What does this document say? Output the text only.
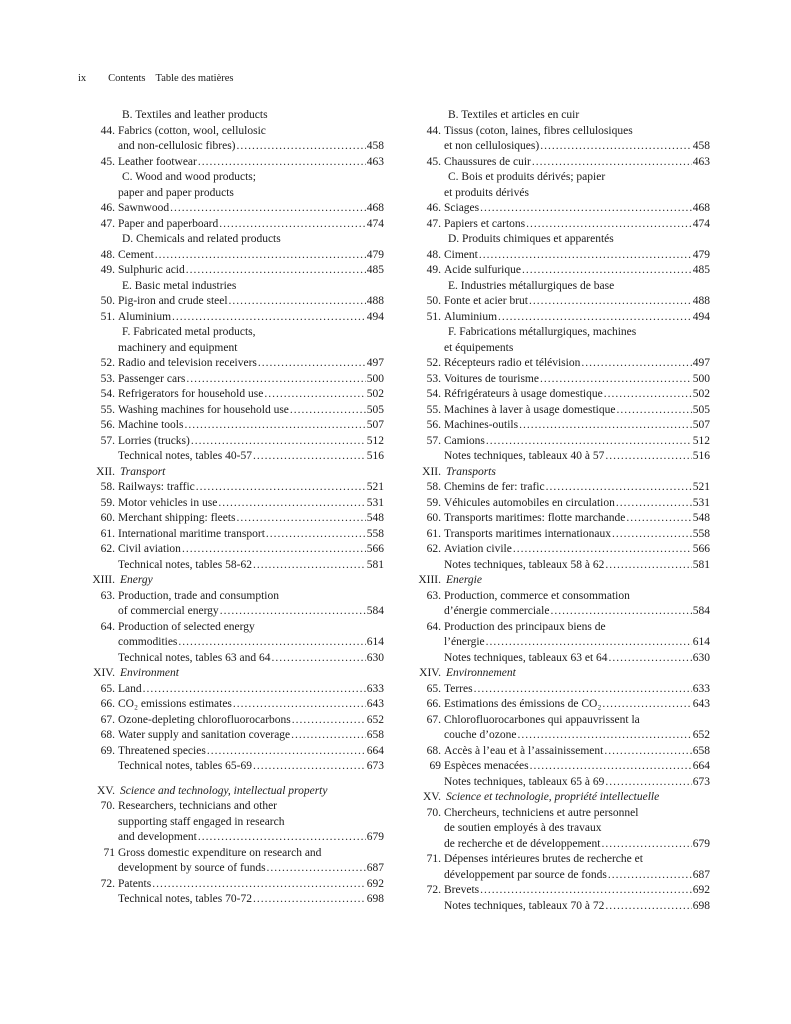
ix Contents Table des matières
B. Textiles and leather products
44. Fabrics (cotton, wool, cellulosic
and non-cellulosic fibres) .....	458
45. Leather footwear .....	463
C. Wood and wood products;
paper and paper products
46. Sawnwood .....	468
47. Paper and paperboard .....	474
D. Chemicals and related products
48. Cement .....	479
49. Sulphuric acid .....	485
E. Basic metal industries
50. Pig-iron and crude steel .....	488
51. Aluminium .....	494
F. Fabricated metal products,
machinery and equipment
52. Radio and television receivers .....	497
53. Passenger cars .....	500
54. Refrigerators for household use .....	502
55. Washing machines for household use .....	505
56. Machine tools .....	507
57. Lorries (trucks) .....	512
Technical notes, tables 40-57 .....	516
XII. Transport
58. Railways: traffic .....	521
59. Motor vehicles in use .....	531
60. Merchant shipping: fleets .....	548
61. International maritime transport .....	558
62. Civil aviation .....	566
Technical notes, tables 58-62 .....	581
XIII. Energy
63. Production, trade and consumption
of commercial energy .....	584
64. Production of selected energy
commodities .....	614
Technical notes, tables 63 and 64 .....	630
XIV. Environment
65. Land .....	633
66. CO₂ emissions estimates .....	643
67. Ozone-depleting chlorofluorocarbons .....	652
68. Water supply and sanitation coverage .....	658
69. Threatened species .....	664
Technical notes, tables 65-69 .....	673
XV. Science and technology, intellectual property
70. Researchers, technicians and other
supporting staff engaged in research
and development .....	679
71 Gross domestic expenditure on research and
development by source of funds .....	687
72. Patents .....	692
Technical notes, tables 70-72 .....	698
B. Textiles et articles en cuir
44. Tissus (coton, laines, fibres cellulosiques
et non cellulosiques) .....	458
45. Chaussures de cuir .....	463
C. Bois et produits dérivés; papier
et produits dérivés
46. Sciages .....	468
47. Papiers et cartons .....	474
D. Produits chimiques et apparentés
48. Ciment .....	479
49. Acide sulfurique .....	485
E. Industries métallurgiques de base
50. Fonte et acier brut .....	488
51. Aluminium .....	494
F. Fabrications métallurgiques, machines
et équipements
52. Récepteurs radio et télévision .....	497
53. Voitures de tourisme .....	500
54. Réfrigérateurs à usage domestique .....	502
55. Machines à laver à usage domestique .....	505
56. Machines-outils .....	507
57. Camions .....	512
Notes techniques, tableaux 40 à 57 .....	516
XII. Transports
58. Chemins de fer: trafic .....	521
59. Véhicules automobiles en circulation .....	531
60. Transports maritimes: flotte marchande .....	548
61. Transports maritimes internationaux .....	558
62. Aviation civile .....	566
Notes techniques, tableaux 58 à 62 .....	581
XIII. Energie
63. Production, commerce et consommation
d’énergie commerciale .....	584
64. Production des principaux biens de
l’énergie .....	614
Notes techniques, tableaux 63 et 64 .....	630
XIV. Environnement
65. Terres .....	633
66. Estimations des émissions de CO₂ .....	643
67. Chlorofluorocarbones qui appauvrissent la
couche d’ozone .....	652
68. Accès à l’eau et à l’assainissement .....	658
69 Espèces menacées .....	664
Notes techniques, tableaux 65 à 69 .....	673
XV. Science et technologie, propriété intellectuelle
70. Chercheurs, techniciens et autre personnel
de soutien employés à des travaux
de recherche et de développement .....	679
71. Dépenses intérieures brutes de recherche et
développement par source de fonds .....	687
72. Brevets .....	692
Notes techniques, tableaux 70 à 72 .....	698
